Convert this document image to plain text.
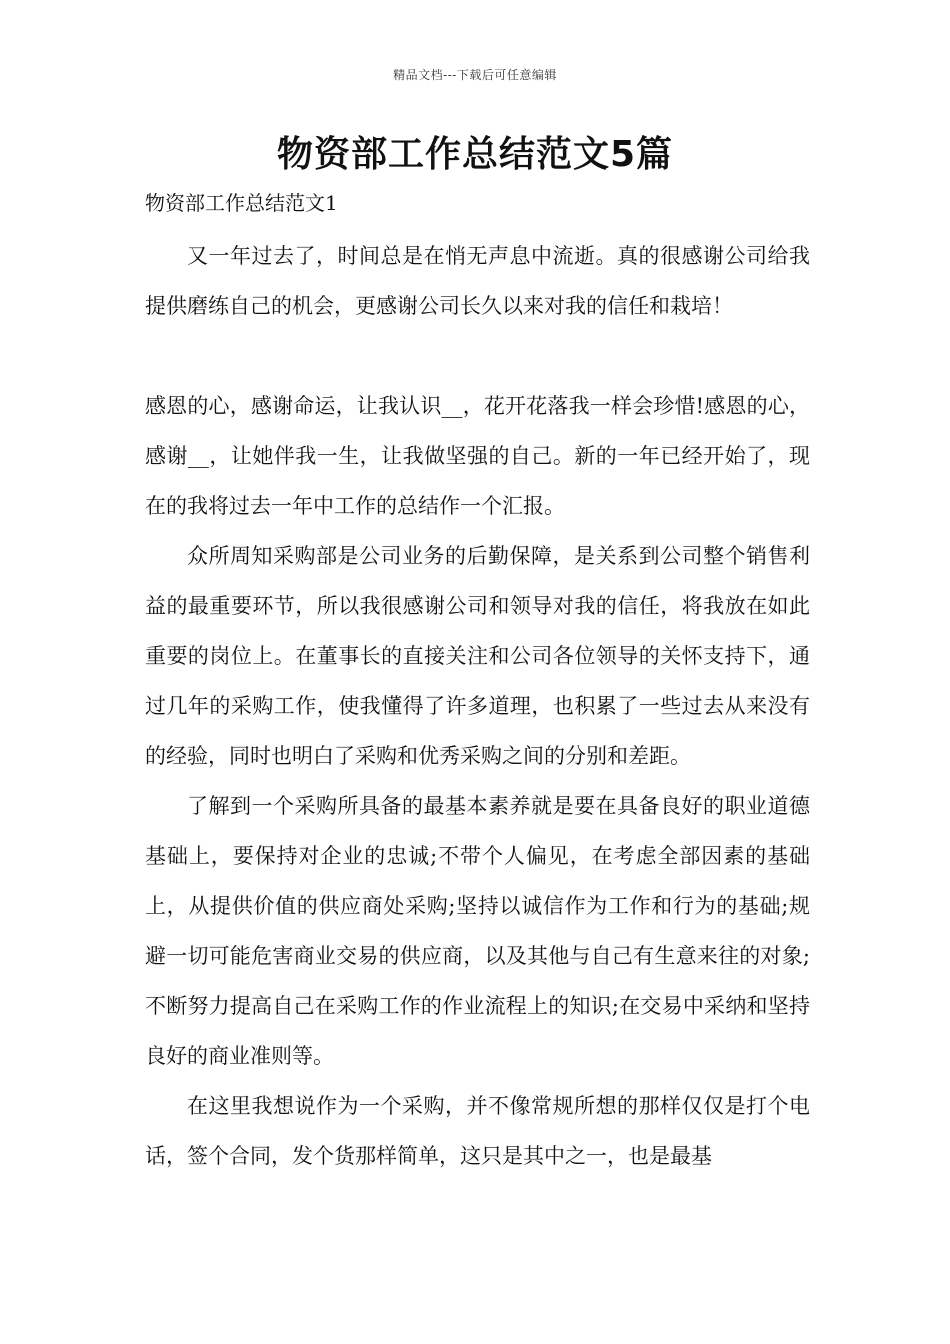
精品文档---下载后可任意编辑
物资部工作总结范文5篇
物资部工作总结范文1

又一年过去了，时间总是在悄无声息中流逝。真的很感谢公司给我提供磨练自己的机会，更感谢公司长久以来对我的信任和栽培！

感恩的心，感谢命运，让我认识__，花开花落我一样会珍惜!感恩的心，感谢__，让她伴我一生，让我做坚强的自己。新的一年已经开始了，现在的我将过去一年中工作的总结作一个汇报。

众所周知采购部是公司业务的后勤保障，是关系到公司整个销售利益的最重要环节，所以我很感谢公司和领导对我的信任，将我放在如此重要的岗位上。在董事长的直接关注和公司各位领导的关怀支持下，通过几年的采购工作，使我懂得了许多道理，也积累了一些过去从来没有的经验，同时也明白了采购和优秀采购之间的分别和差距。

了解到一个采购所具备的最基本素养就是要在具备良好的职业道德基础上，要保持对企业的忠诚;不带个人偏见，在考虑全部因素的基础上，从提供价值的供应商处采购;坚持以诚信作为工作和行为的基础;规避一切可能危害商业交易的供应商，以及其他与自己有生意来往的对象;不断努力提高自己在采购工作的作业流程上的知识;在交易中采纳和坚持良好的商业准则等。

在这里我想说作为一个采购，并不像常规所想的那样仅仅是打个电话，签个合同，发个货那样简单，这只是其中之一，也是最基
